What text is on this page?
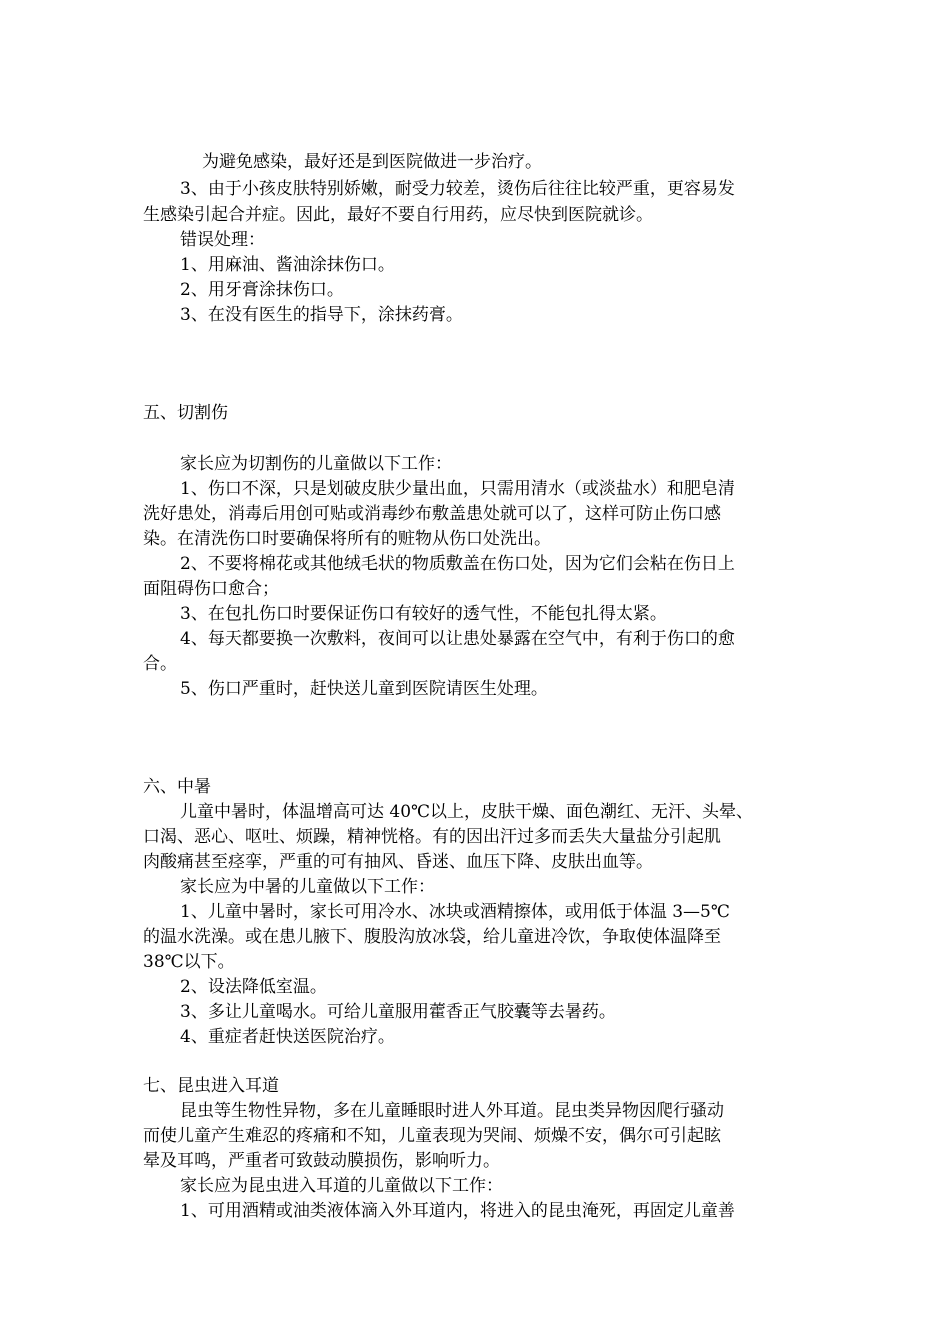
为避免感染，最好还是到医院做进一步治疗。
3、由于小孩皮肤特别娇嫩，耐受力较差，烫伤后往往比较严重，更容易发
生感染引起合并症。因此，最好不要自行用药，应尽快到医院就诊。
错误处理：
1、用麻油、酱油涂抹伤口。
2、用牙膏涂抹伤口。
3、在没有医生的指导下，涂抹药膏。
五、切割伤
家长应为切割伤的儿童做以下工作：
1、伤口不深，只是划破皮肤少量出血，只需用清水（或淡盐水）和肥皂清
洗好患处，消毒后用创可贴或消毒纱布敷盖患处就可以了，这样可防止伤口感
染。在清洗伤口时要确保将所有的赃物从伤口处洗出。
2、不要将棉花或其他绒毛状的物质敷盖在伤口处，因为它们会粘在伤日上
面阻碍伤口愈合；
3、在包扎伤口时要保证伤口有较好的透气性，不能包扎得太紧。
4、每天都要换一次敷料，夜间可以让患处暴露在空气中，有利于伤口的愈
合。
5、伤口严重时，赶快送儿童到医院请医生处理。
六、中暑
儿童中暑时，体温增高可达 40℃以上，皮肤干燥、面色潮红、无汗、头晕、
口渴、恶心、呕吐、烦躁，精神恍格。有的因出汗过多而丢失大量盐分引起肌
肉酸痛甚至痉挛，严重的可有抽风、昏迷、血压下降、皮肤出血等。
家长应为中暑的儿童做以下工作：
1、儿童中暑时，家长可用冷水、冰块或酒精擦体，或用低于体温 3—5℃
的温水洗澡。或在患儿腋下、腹股沟放冰袋，给儿童进冷饮，争取使体温降至
38℃以下。
2、设法降低室温。
3、多让儿童喝水。可给儿童服用藿香正气胶囊等去暑药。
4、重症者赶快送医院治疗。
七、昆虫进入耳道
昆虫等生物性异物，多在儿童睡眼时进人外耳道。昆虫类异物因爬行骚动
而使儿童产生难忍的疼痛和不知，儿童表现为哭闹、烦燥不安，偶尔可引起眩
晕及耳鸣，严重者可致鼓动膜损伤，影响听力。
家长应为昆虫进入耳道的儿童做以下工作：
1、可用酒精或油类液体滴入外耳道内，将进入的昆虫淹死，再固定儿童善
